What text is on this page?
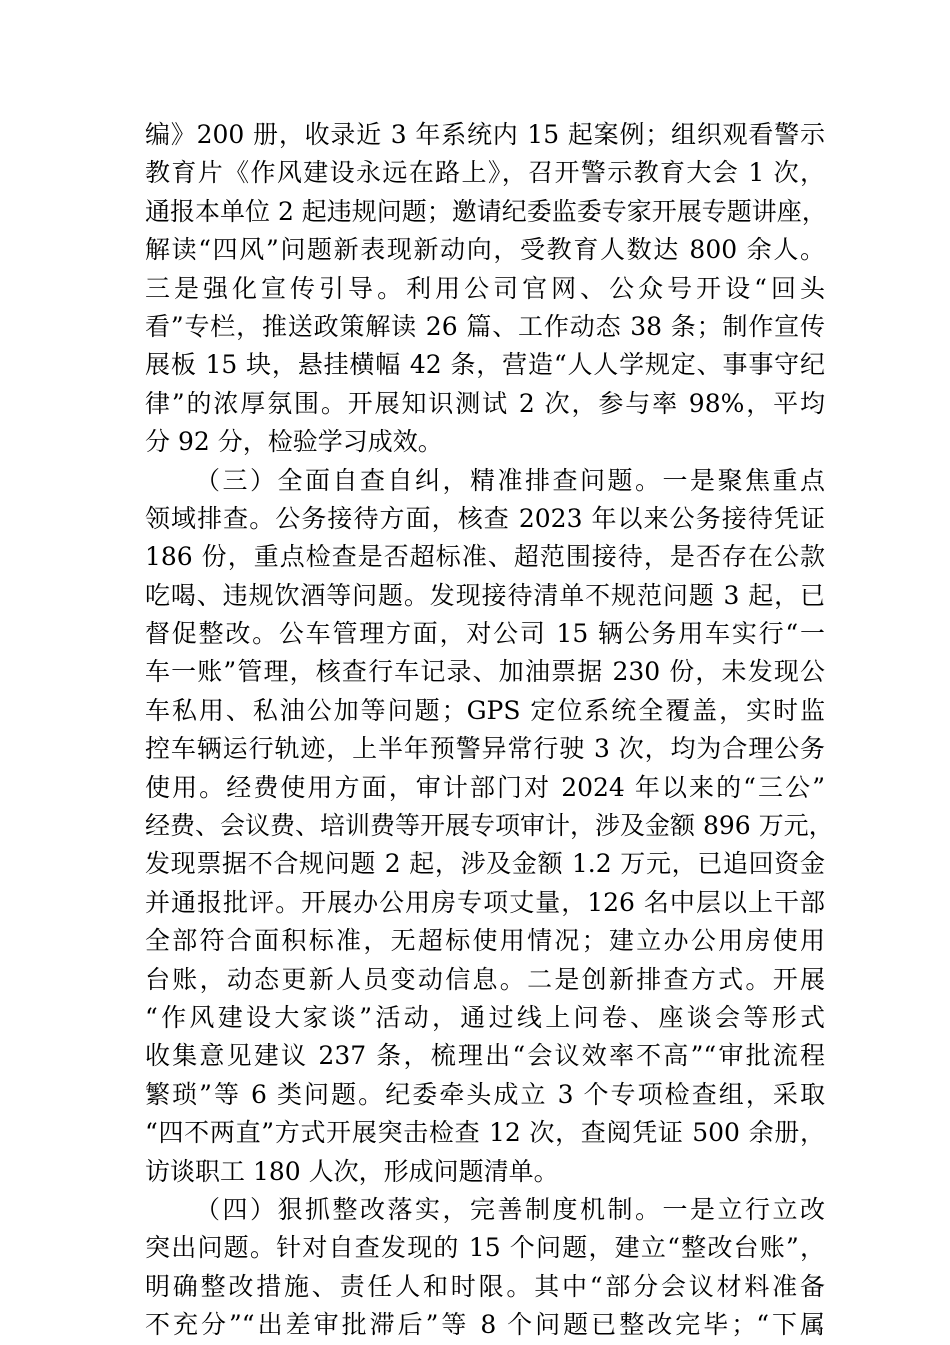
编》200 册，收录近 3 年系统内 15 起案例；组织观看警示
教育片《作风建设永远在路上》，召开警示教育大会 1 次，
通报本单位 2 起违规问题；邀请纪委监委专家开展专题讲座，
解读“四风”问题新表现新动向，受教育人数达 800 余人。
三是强化宣传引导。利用公司官网、公众号开设“回头
看”专栏，推送政策解读 26 篇、工作动态 38 条；制作宣传
展板 15 块，悬挂横幅 42 条，营造“人人学规定、事事守纪
律”的浓厚氛围。开展知识测试 2 次，参与率 98%，平均
分 92 分，检验学习成效。
（三）全面自查自纠，精准排查问题。一是聚焦重点
领域排查。公务接待方面，核查 2023 年以来公务接待凭证
186 份，重点检查是否超标准、超范围接待，是否存在公款
吃喝、违规饮酒等问题。发现接待清单不规范问题 3 起，已
督促整改。公车管理方面，对公司 15 辆公务用车实行“一
车一账”管理，核查行车记录、加油票据 230 份，未发现公
车私用、私油公加等问题；GPS 定位系统全覆盖，实时监
控车辆运行轨迹，上半年预警异常行驶 3 次，均为合理公务
使用。经费使用方面，审计部门对 2024 年以来的“三公”
经费、会议费、培训费等开展专项审计，涉及金额 896 万元，
发现票据不合规问题 2 起，涉及金额 1.2 万元，已追回资金
并通报批评。开展办公用房专项丈量，126 名中层以上干部
全部符合面积标准，无超标使用情况；建立办公用房使用
台账，动态更新人员变动信息。二是创新排查方式。开展
“作风建设大家谈”活动，通过线上问卷、座谈会等形式
收集意见建议 237 条，梳理出“会议效率不高”“审批流程
繁琐”等 6 类问题。纪委牵头成立 3 个专项检查组，采取
“四不两直”方式开展突击检查 12 次，查阅凭证 500 余册，
访谈职工 180 人次，形成问题清单。
（四）狠抓整改落实，完善制度机制。一是立行立改
突出问题。针对自查发现的 15 个问题，建立“整改台账”，
明确整改措施、责任人和时限。其中“部分会议材料准备
不充分”“出差审批滞后”等 8 个问题已整改完毕；“下属
